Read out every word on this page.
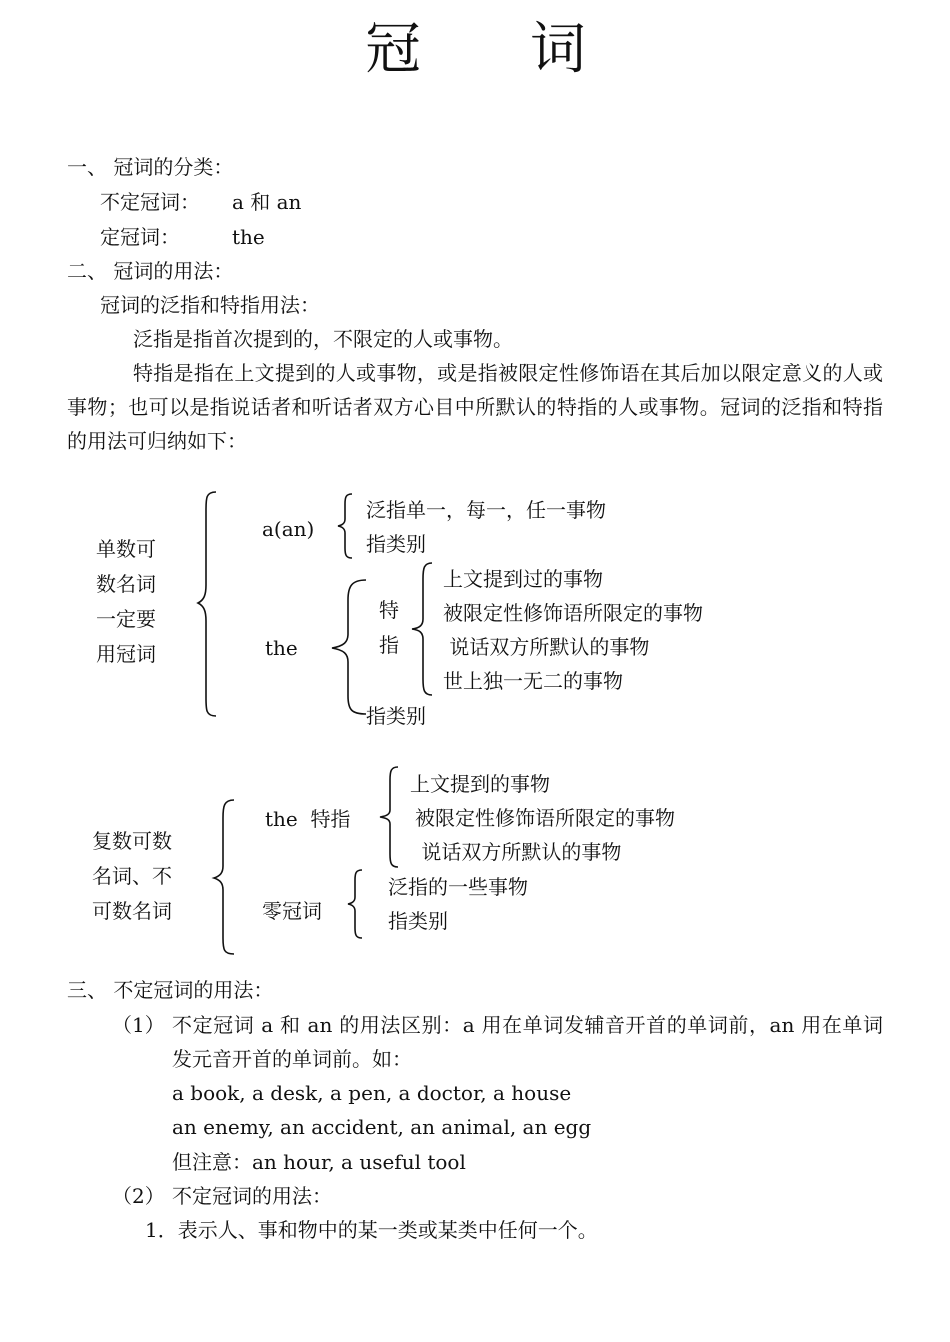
冠 词
一、 冠词的分类：
不定冠词： a 和 an
定冠词：	the
二、 冠词的用法：
冠词的泛指和特指用法：
泛指是指首次提到的，不限定的人或事物。
特指是指在上文提到的人或事物，或是指被限定性修饰语在其后加以限定意义的人或事物；也可以是指说话者和听话者双方心目中所默认的特指的人或事物。冠词的泛指和特指的用法可归纳如下：
单数可
数名词
一定要
用冠词
a(an)
泛指单一，每一，任一事物
指类别
the
特
指
上文提到过的事物
被限定性修饰语所限定的事物
说话双方所默认的事物
世上独一无二的事物
指类别
复数可数
名词、不
可数名词
the  特指
上文提到的事物
被限定性修饰语所限定的事物
说话双方所默认的事物
零冠词
泛指的一些事物
指类别
三、 不定冠词的用法：
（1） 不定冠词 a 和 an 的用法区别：a 用在单词发辅音开首的单词前，an 用在单词发元音开首的单词前。如：
a book, a desk, a pen, a doctor, a house
an enemy, an accident, an animal, an egg
但注意：an hour, a useful tool
（2） 不定冠词的用法：
1．表示人、事和物中的某一类或某类中任何一个。
